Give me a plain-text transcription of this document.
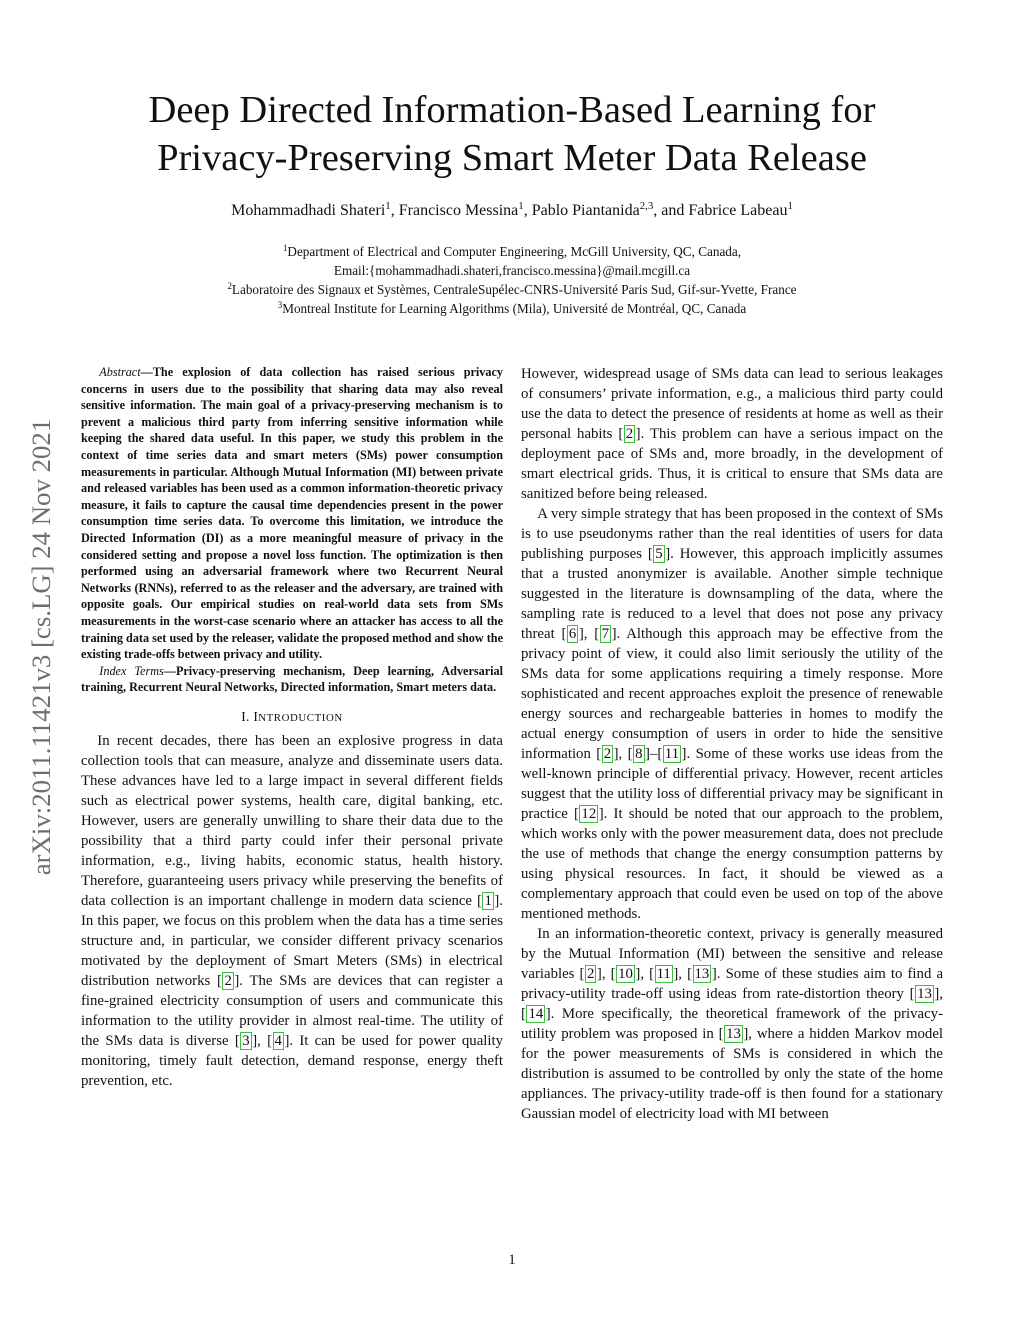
Deep Directed Information-Based Learning for
Privacy-Preserving Smart Meter Data Release
Mohammadhadi Shateri$^1$, Francisco Messina$^1$, Pablo Piantanida$^{2,3}$, and Fabrice Labeau$^1$
$^1$Department of Electrical and Computer Engineering, McGill University, QC, Canada,
Email:{mohammadhadi.shateri,francisco.messina}@mail.mcgill.ca
$^2$Laboratoire des Signaux et Systèmes, CentraleSupélec-CNRS-Université Paris Sud, Gif-sur-Yvette, France
$^3$Montreal Institute for Learning Algorithms (Mila), Université de Montréal, QC, Canada
arXiv:2011.11421v3 [cs.LG] 24 Nov 2021

Abstract—The explosion of data collection has raised serious privacy concerns in users due to the possibility that sharing data may also reveal sensitive information. The main goal of a privacy-preserving mechanism is to prevent a malicious third party from inferring sensitive information while keeping the shared data useful. In this paper, we study this problem in the context of time series data and smart meters (SMs) power consumption measurements in particular. Although Mutual Information (MI) between private and released variables has been used as a common information-theoretic privacy measure, it fails to capture the causal time dependencies present in the power consumption time series data. To overcome this limitation, we introduce the Directed Information (DI) as a more meaningful measure of privacy in the considered setting and propose a novel loss function. The optimization is then performed using an adversarial framework where two Recurrent Neural Networks (RNNs), referred to as the releaser and the adversary, are trained with opposite goals. Our empirical studies on real-world data sets from SMs measurements in the worst-case scenario where an attacker has access to all the training data set used by the releaser, validate the proposed method and show the existing trade-offs between privacy and utility.

Index Terms—Privacy-preserving mechanism, Deep learning, Adversarial training, Recurrent Neural Networks, Directed information, Smart meters data.

I. INTRODUCTION

In recent decades, there has been an explosive progress in data collection tools that can measure, analyze and disseminate users data. These advances have led to a large impact in several different fields such as electrical power systems, health care, digital banking, etc. However, users are generally unwilling to share their data due to the possibility that a third party could infer their personal private information, e.g., living habits, economic status, health history. Therefore, guaranteeing users privacy while preserving the benefits of data collection is an important challenge in modern data science [ 1 ]. In this paper, we focus on this problem when the data has a time series structure and, in particular, we consider different privacy scenarios motivated by the deployment of Smart Meters (SMs) in electrical distribution networks [ 2 ]. The SMs are devices that can register a fine-grained electricity consumption of users and communicate this information to the utility provider in almost real-time. The utility of the SMs data is diverse [ 3 ], [ 4 ]. It can be used for power quality monitoring, timely fault detection, demand response, energy theft prevention, etc.

However, widespread usage of SMs data can lead to serious leakages of consumers’ private information, e.g., a malicious third party could use the data to detect the presence of residents at home as well as their personal habits [ 2 ]. This problem can have a serious impact on the deployment pace of SMs and, more broadly, in the development of smart electrical grids. Thus, it is critical to ensure that SMs data are sanitized before being released.

A very simple strategy that has been proposed in the context of SMs is to use pseudonyms rather than the real identities of users for data publishing purposes [ 5 ]. However, this approach implicitly assumes that a trusted anonymizer is available. Another simple technique suggested in the literature is downsampling of the data, where the sampling rate is reduced to a level that does not pose any privacy threat [ 6 ], [ 7 ]. Although this approach may be effective from the privacy point of view, it could also limit seriously the utility of the SMs data for some applications requiring a timely response. More sophisticated and recent approaches exploit the presence of renewable energy sources and rechargeable batteries in homes to modify the actual energy consumption of users in order to hide the sensitive information [ 2 ], [ 8 ]–[ 11 ]. Some of these works use ideas from the well-known principle of differential privacy. However, recent articles suggest that the utility loss of differential privacy may be significant in practice [ 12 ]. It should be noted that our approach to the problem, which works only with the power measurement data, does not preclude the use of methods that change the energy consumption patterns by using physical resources. In fact, it should be viewed as a complementary approach that could even be used on top of the above mentioned methods.

In an information-theoretic context, privacy is generally measured by the Mutual Information (MI) between the sensitive and release variables [ 2 ], [ 10 ], [ 11 ], [ 13 ]. Some of these studies aim to find a privacy-utility trade-off using ideas from rate-distortion theory [ 13 ], [ 14 ]. More specifically, the theoretical framework of the privacy-utility problem was proposed in [ 13 ], where a hidden Markov model for the power measurements of SMs is considered in which the distribution is assumed to be controlled by only the state of the home appliances. The privacy-utility trade-off is then found for a stationary Gaussian model of electricity load with MI between

1
